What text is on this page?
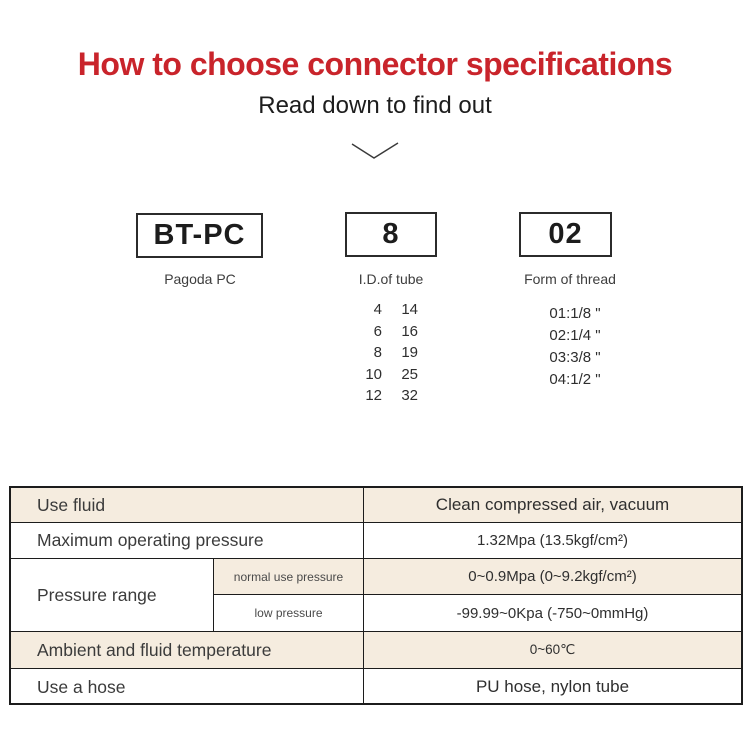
How to choose connector specifications
Read down to find out
BT-PC
Pagoda PC
8
I.D.of tube
4	14
6	16
8	19
10	25
12	32
02
Form of thread
01:1/8 "
02:1/4 "
03:3/8 "
04:1/2 "
Use fluid	Clean compressed air, vacuum
Maximum operating pressure	1.32Mpa (13.5kgf/cm²)
Pressure range
normal use pressure	0~0.9Mpa (0~9.2kgf/cm²)
low pressure	-99.99~0Kpa (-750~0mmHg)
Ambient and fluid temperature	0~60℃
Use a hose	PU hose, nylon tube
